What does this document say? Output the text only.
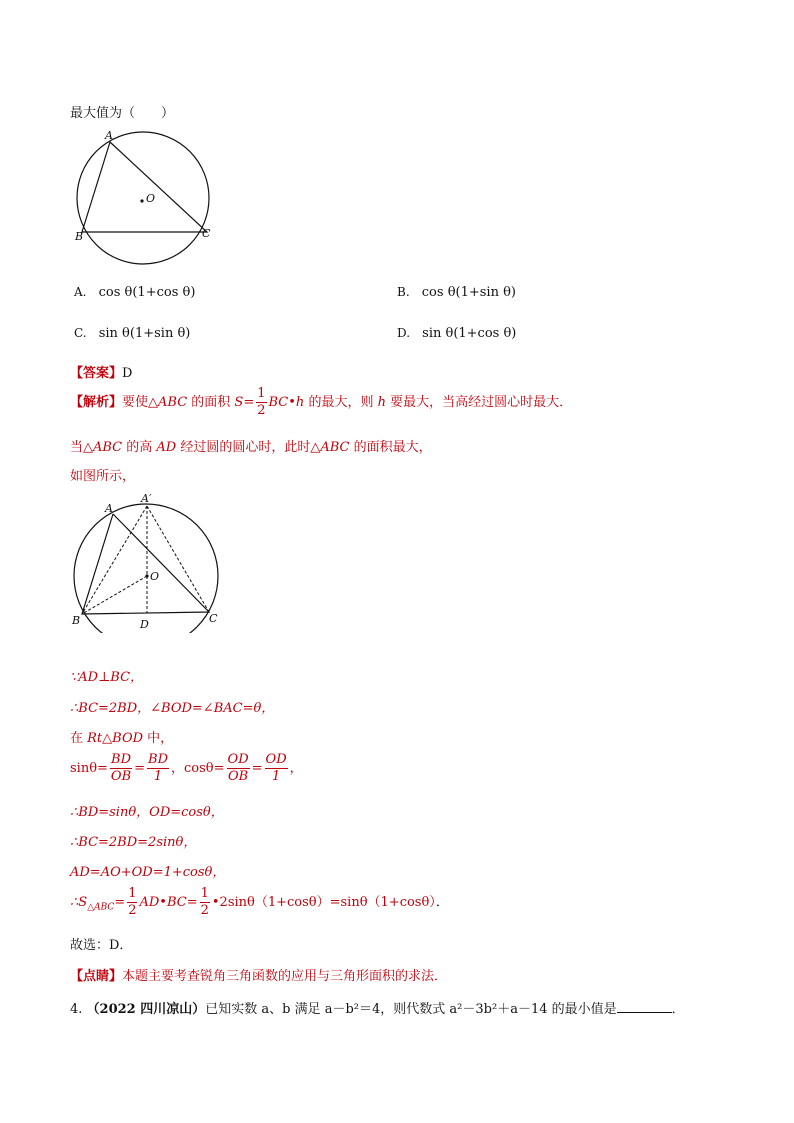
最大值为（　　）
A
B	C
O
A. cos θ(1+cos θ)	B. cos θ(1+sin θ)
C. sin θ(1+sin θ)	D. sin θ(1+cos θ)
【答案】D
【解析】要使△ABC 的面积 $S= \frac{1}{2}$ BC•h 的最大，则 h 要最大，当高经过圆心时最大．
当△ABC 的高 AD 经过圆的圆心时，此时△ABC 的面积最大，
如图所示，
A
A′
B	C
D
O
∵AD⊥BC，
∴BC=2BD，∠BOD=∠BAC=θ，
在 Rt△BOD 中，
$\sin\theta= \frac{BD}{OB} = \frac{BD}{1}$ ，$\cos\theta= \frac{OD}{OB} = \frac{OD}{1}$ ，
∴BD=sinθ，OD=cosθ，
∴BC=2BD=2sinθ，
AD=AO+OD=1+cosθ，
$\therefore S_{\triangle ABC}= \frac{1}{2}$ AD•BC= $\frac{1}{2}$ •2sinθ（1+cosθ）=sinθ（1+cosθ）．
故选：D．
【点睛】本题主要考查锐角三角函数的应用与三角形面积的求法．
4. （2022 四川凉山）已知实数 a、b 满足 a－b²＝4，则代数式 a²－3b²＋a－14 的最小值是	．
